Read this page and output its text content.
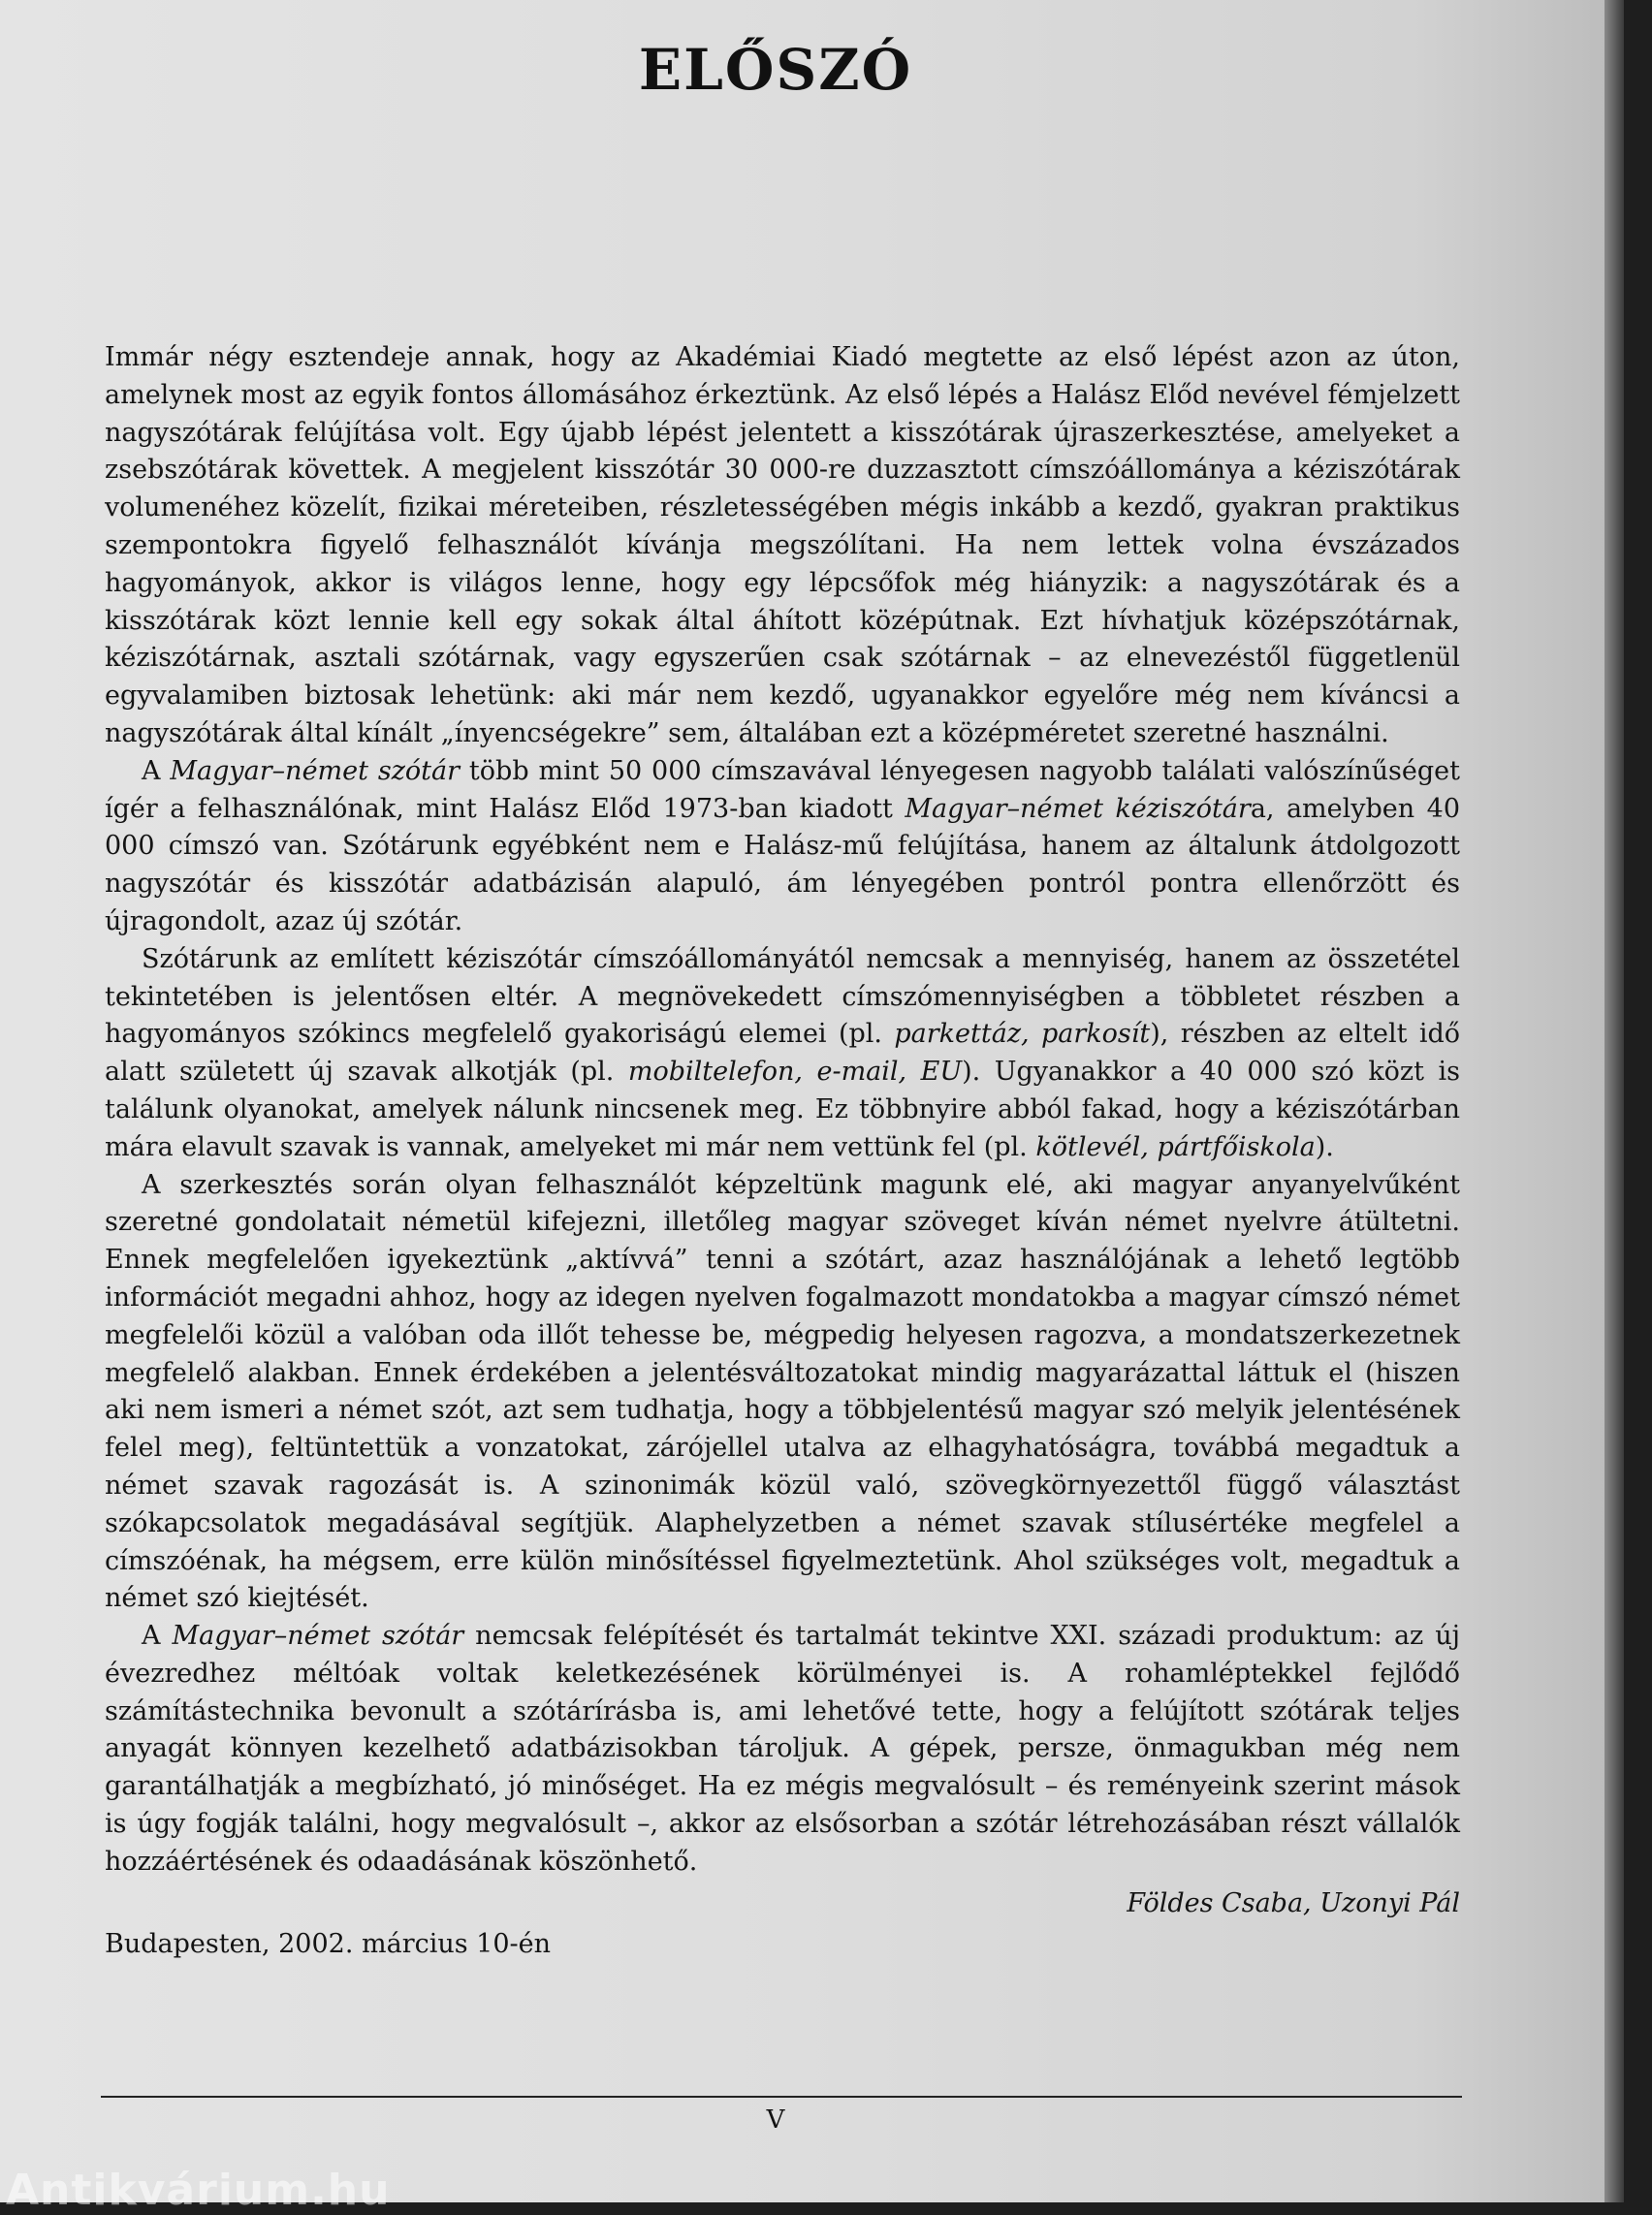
ELŐSZÓ

Immár négy esztendeje annak, hogy az Akadémiai Kiadó megtette az első lépést azon az úton, amelynek most az egyik fontos állomásához érkeztünk. Az első lépés a Halász Előd nevével fémjelzett nagyszótárak felújítása volt. Egy újabb lépést jelentett a kisszótárak újraszerkesztése, amelyeket a zsebszótárak követtek. A megjelent kisszótár 30 000-re duzzasztott címszóállománya a kéziszótárak volumenéhez közelít, fizikai méreteiben, részletességében mégis inkább a kezdő, gyakran praktikus szempontokra figyelő felhasználót kívánja megszólítani. Ha nem lettek volna évszázados hagyományok, akkor is világos lenne, hogy egy lépcsőfok még hiányzik: a nagyszótárak és a kisszótárak közt lennie kell egy sokak által áhított középútnak. Ezt hívhatjuk középszótárnak, kéziszótárnak, asztali szótárnak, vagy egyszerűen csak szótárnak – az elnevezéstől függetlenül egyvalamiben biztosak lehetünk: aki már nem kezdő, ugyanakkor egyelőre még nem kíváncsi a nagyszótárak által kínált „ínyencségekre” sem, általában ezt a középméretet szeretné használni.

A Magyar–német szótár több mint 50 000 címszavával lényegesen nagyobb találati valószínűséget ígér a felhasználónak, mint Halász Előd 1973-ban kiadott Magyar–német kéziszótára, amelyben 40 000 címszó van. Szótárunk egyébként nem e Halász-mű felújítása, hanem az általunk átdolgozott nagyszótár és kisszótár adatbázisán alapuló, ám lényegében pontról pontra ellenőrzött és újragondolt, azaz új szótár.

Szótárunk az említett kéziszótár címszóállományától nemcsak a mennyiség, hanem az összetétel tekintetében is jelentősen eltér. A megnövekedett címszómennyiségben a többletet részben a hagyományos szókincs megfelelő gyakoriságú elemei (pl. parkettáz, parkosít), részben az eltelt idő alatt született új szavak alkotják (pl. mobiltelefon, e-mail, EU). Ugyanakkor a 40 000 szó közt is találunk olyanokat, amelyek nálunk nincsenek meg. Ez többnyire abból fakad, hogy a kéziszótárban mára elavult szavak is vannak, amelyeket mi már nem vettünk fel (pl. kötlevél, pártfőiskola).

A szerkesztés során olyan felhasználót képzeltünk magunk elé, aki magyar anyanyelvűként szeretné gondolatait németül kifejezni, illetőleg magyar szöveget kíván német nyelvre átültetni. Ennek megfelelően igyekeztünk „aktívvá” tenni a szótárt, azaz használójának a lehető legtöbb információt megadni ahhoz, hogy az idegen nyelven fogalmazott mondatokba a magyar címszó német megfelelői közül a valóban oda illőt tehesse be, mégpedig helyesen ragozva, a mondatszerkezetnek megfelelő alakban. Ennek érdekében a jelentésváltozatokat mindig magyarázattal láttuk el (hiszen aki nem ismeri a német szót, azt sem tudhatja, hogy a többjelentésű magyar szó melyik jelentésének felel meg), feltüntettük a vonzatokat, zárójellel utalva az elhagyhatóságra, továbbá megadtuk a német szavak ragozását is. A szinonimák közül való, szövegkörnyezettől függő választást szókapcsolatok megadásával segítjük. Alaphelyzetben a német szavak stílusértéke megfelel a címszóénak, ha mégsem, erre külön minősítéssel figyelmeztetünk. Ahol szükséges volt, megadtuk a német szó kiejtését.

A Magyar–német szótár nemcsak felépítését és tartalmát tekintve XXI. századi produktum: az új évezredhez méltóak voltak keletkezésének körülményei is. A rohamléptekkel fejlődő számítástechnika bevonult a szótárírásba is, ami lehetővé tette, hogy a felújított szótárak teljes anyagát könnyen kezelhető adatbázisokban tároljuk. A gépek, persze, önmagukban még nem garantálhatják a megbízható, jó minőséget. Ha ez mégis megvalósult – és reményeink szerint mások is úgy fogják találni, hogy megvalósult –, akkor az elsősorban a szótár létrehozásában részt vállalók hozzáértésének és odaadásának köszönhető.

Földes Csaba, Uzonyi Pál
Budapesten, 2002. március 10-én
V
Antikvárium.hu
